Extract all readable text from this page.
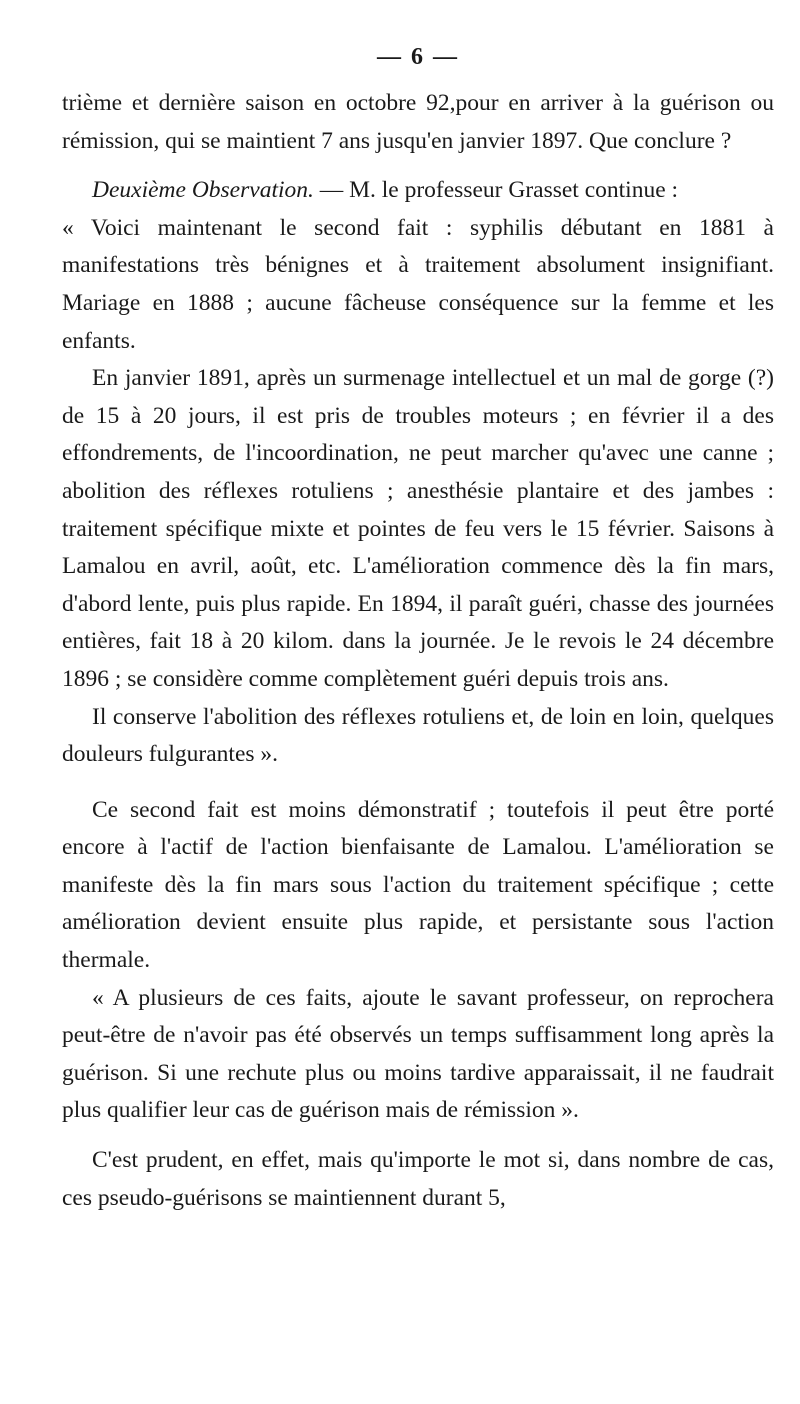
— 6 —

trième et dernière saison en octobre 92,pour en arriver à la guérison ou rémission, qui se maintient 7 ans jusqu'en janvier 1897. Que conclure ?

Deuxième Observation. — M. le professeur Grasset continue :

« Voici maintenant le second fait : syphilis débutant en 1881 à manifestations très bénignes et à traitement absolument insignifiant. Mariage en 1888 ; aucune fâcheuse conséquence sur la femme et les enfants.

En janvier 1891, après un surmenage intellectuel et un mal de gorge (?) de 15 à 20 jours, il est pris de troubles moteurs ; en février il a des effondrements, de l'incoordination, ne peut marcher qu'avec une canne ; abolition des réflexes rotuliens ; anesthésie plantaire et des jambes : traitement spécifique mixte et pointes de feu vers le 15 février. Saisons à Lamalou en avril, août, etc. L'amélioration commence dès la fin mars, d'abord lente, puis plus rapide. En 1894, il paraît guéri, chasse des journées entières, fait 18 à 20 kilom. dans la journée. Je le revois le 24 décembre 1896 ; se considère comme complètement guéri depuis trois ans.

Il conserve l'abolition des réflexes rotuliens et, de loin en loin, quelques douleurs fulgurantes ».

Ce second fait est moins démonstratif ; toutefois il peut être porté encore à l'actif de l'action bienfaisante de Lamalou. L'amélioration se manifeste dès la fin mars sous l'action du traitement spécifique ; cette amélioration devient ensuite plus rapide, et persistante sous l'action thermale.

« A plusieurs de ces faits, ajoute le savant professeur, on reprochera peut-être de n'avoir pas été observés un temps suffisamment long après la guérison. Si une rechute plus ou moins tardive apparaissait, il ne faudrait plus qualifier leur cas de guérison mais de rémission ».

C'est prudent, en effet, mais qu'importe le mot si, dans nombre de cas, ces pseudo-guérisons se maintiennent durant 5,
